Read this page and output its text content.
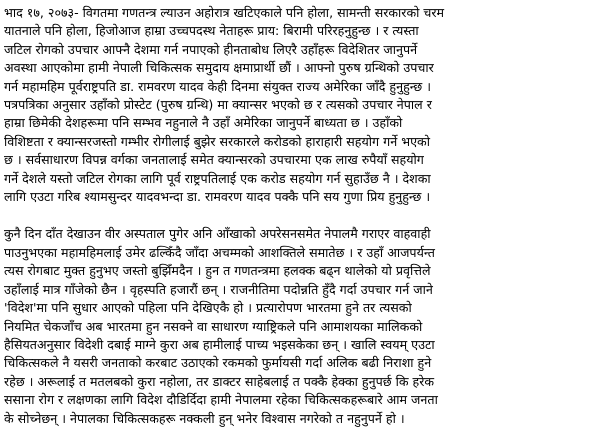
भाद १७, २०७३- विगतमा गणतन्त्र ल्याउन अहोरात्र खटिएकाले पनि होला, सामन्ती सरकारको चरम
यातनाले पनि होला, हिजोआज हाम्रा उच्चपदस्थ नेताहरू प्राय: बिरामी परिरहनुहुन्छ । र त्यस्ता
जटिल रोगको उपचार आफ्नै देशमा गर्न नपाएको हीनताबोध लिएरै उहाँहरू विदेशितर जानुपर्ने
अवस्था आएकोमा हामी नेपाली चिकित्सक समुदाय क्षमाप्रार्थी छौं । आफ्नो पुरुष ग्रन्थिको उपचार
गर्न महामहिम पूर्वराष्ट्रपति डा. रामवरण यादव केही दिनमा संयुक्त राज्य अमेरिका जाँदै हुनुहुन्छ ।
पत्रपत्रिका अनुसार उहाँको प्रोस्टेट (पुरुष ग्रन्थि) मा क्यान्सर भएको छ र त्यसको उपचार नेपाल र
हाम्रा छिमेकी देशहरूमा पनि सम्भव नहुनाले नै उहाँ अमेरिका जानुपर्ने बाध्यता छ । उहाँको
विशिष्टता र क्यान्सरजस्तो गम्भीर रोगीलाई बुझेर सरकारले करोडको हाराहारी सहयोग गर्ने भएको
छ । सर्वसाधारण विपन्न वर्गका जनतालाई समेत क्यान्सरको उपचारमा एक लाख रुपैयाँ सहयोग
गर्ने देशले यस्तो जटिल रोगका लागि पूर्व राष्ट्रपतिलाई एक करोड सहयोग गर्न सुहाउँछ नै । देशका
लागि एउटा गरिब श्यामसुन्दर यादवभन्दा डा. रामवरण यादव पक्कै पनि सय गुणा प्रिय हुनुहुन्छ ।
कुनै दिन दाँत देखाउन वीर अस्पताल पुगेर अनि आँखाको अपरेसनसमेत नेपालमै गराएर वाहवाही
पाउनुभएका महामहिमलाई उमेर ढल्किँदै जाँदा अचम्मको आशक्तिले समातेछ । र उहाँ आजपर्यन्त
त्यस रोगबाट मुक्त हुनुभए जस्तो बुझिँमदैन । हुन त गणतन्त्रमा हलक्क बढ्न थालेको यो प्रवृत्तिले
उहाँलाई मात्र गाँजेको छैन । वृहस्पति हजारौं छन् । राजनीतिमा पदोन्नति हुँदै गर्दा उपचार गर्न जाने
'विदेश'मा पनि सुधार आएको पहिला पनि देखिएकै हो । प्रत्यारोपण भारतमा हुने तर त्यसको
नियमित चेकजाँच अब भारतमा हुन नसक्ने वा साधारण ग्याष्ट्रिकले पनि आमाशयका मालिकको
हैसियतअनुसार विदेशी दबाई माग्ने कुरा अब हामीलाई पाच्य भइसकेका छन् । खालि स्वयम् एउटा
चिकित्सकले नै यसरी जनताको करबाट उठाएको रकमको फुर्मायसी गर्दा अलिक बढी निराशा हुने
रहेछ । अरूलाई त मतलबको कुरा नहोला, तर डाक्टर साहेबलाई त पक्कै हेक्का हुनुपर्छ कि हरेक
ससाना रोग र लक्षणका लागि विदेश दौडिर्दिदा हामी नेपालमा रहेका चिकित्सकहरूबारे आम जनता
के सोच्नेछन् । नेपालका चिकित्सकहरू नक्कली हुन् भनेर विश्वास नगरेको त नहुनुपर्ने हो ।
